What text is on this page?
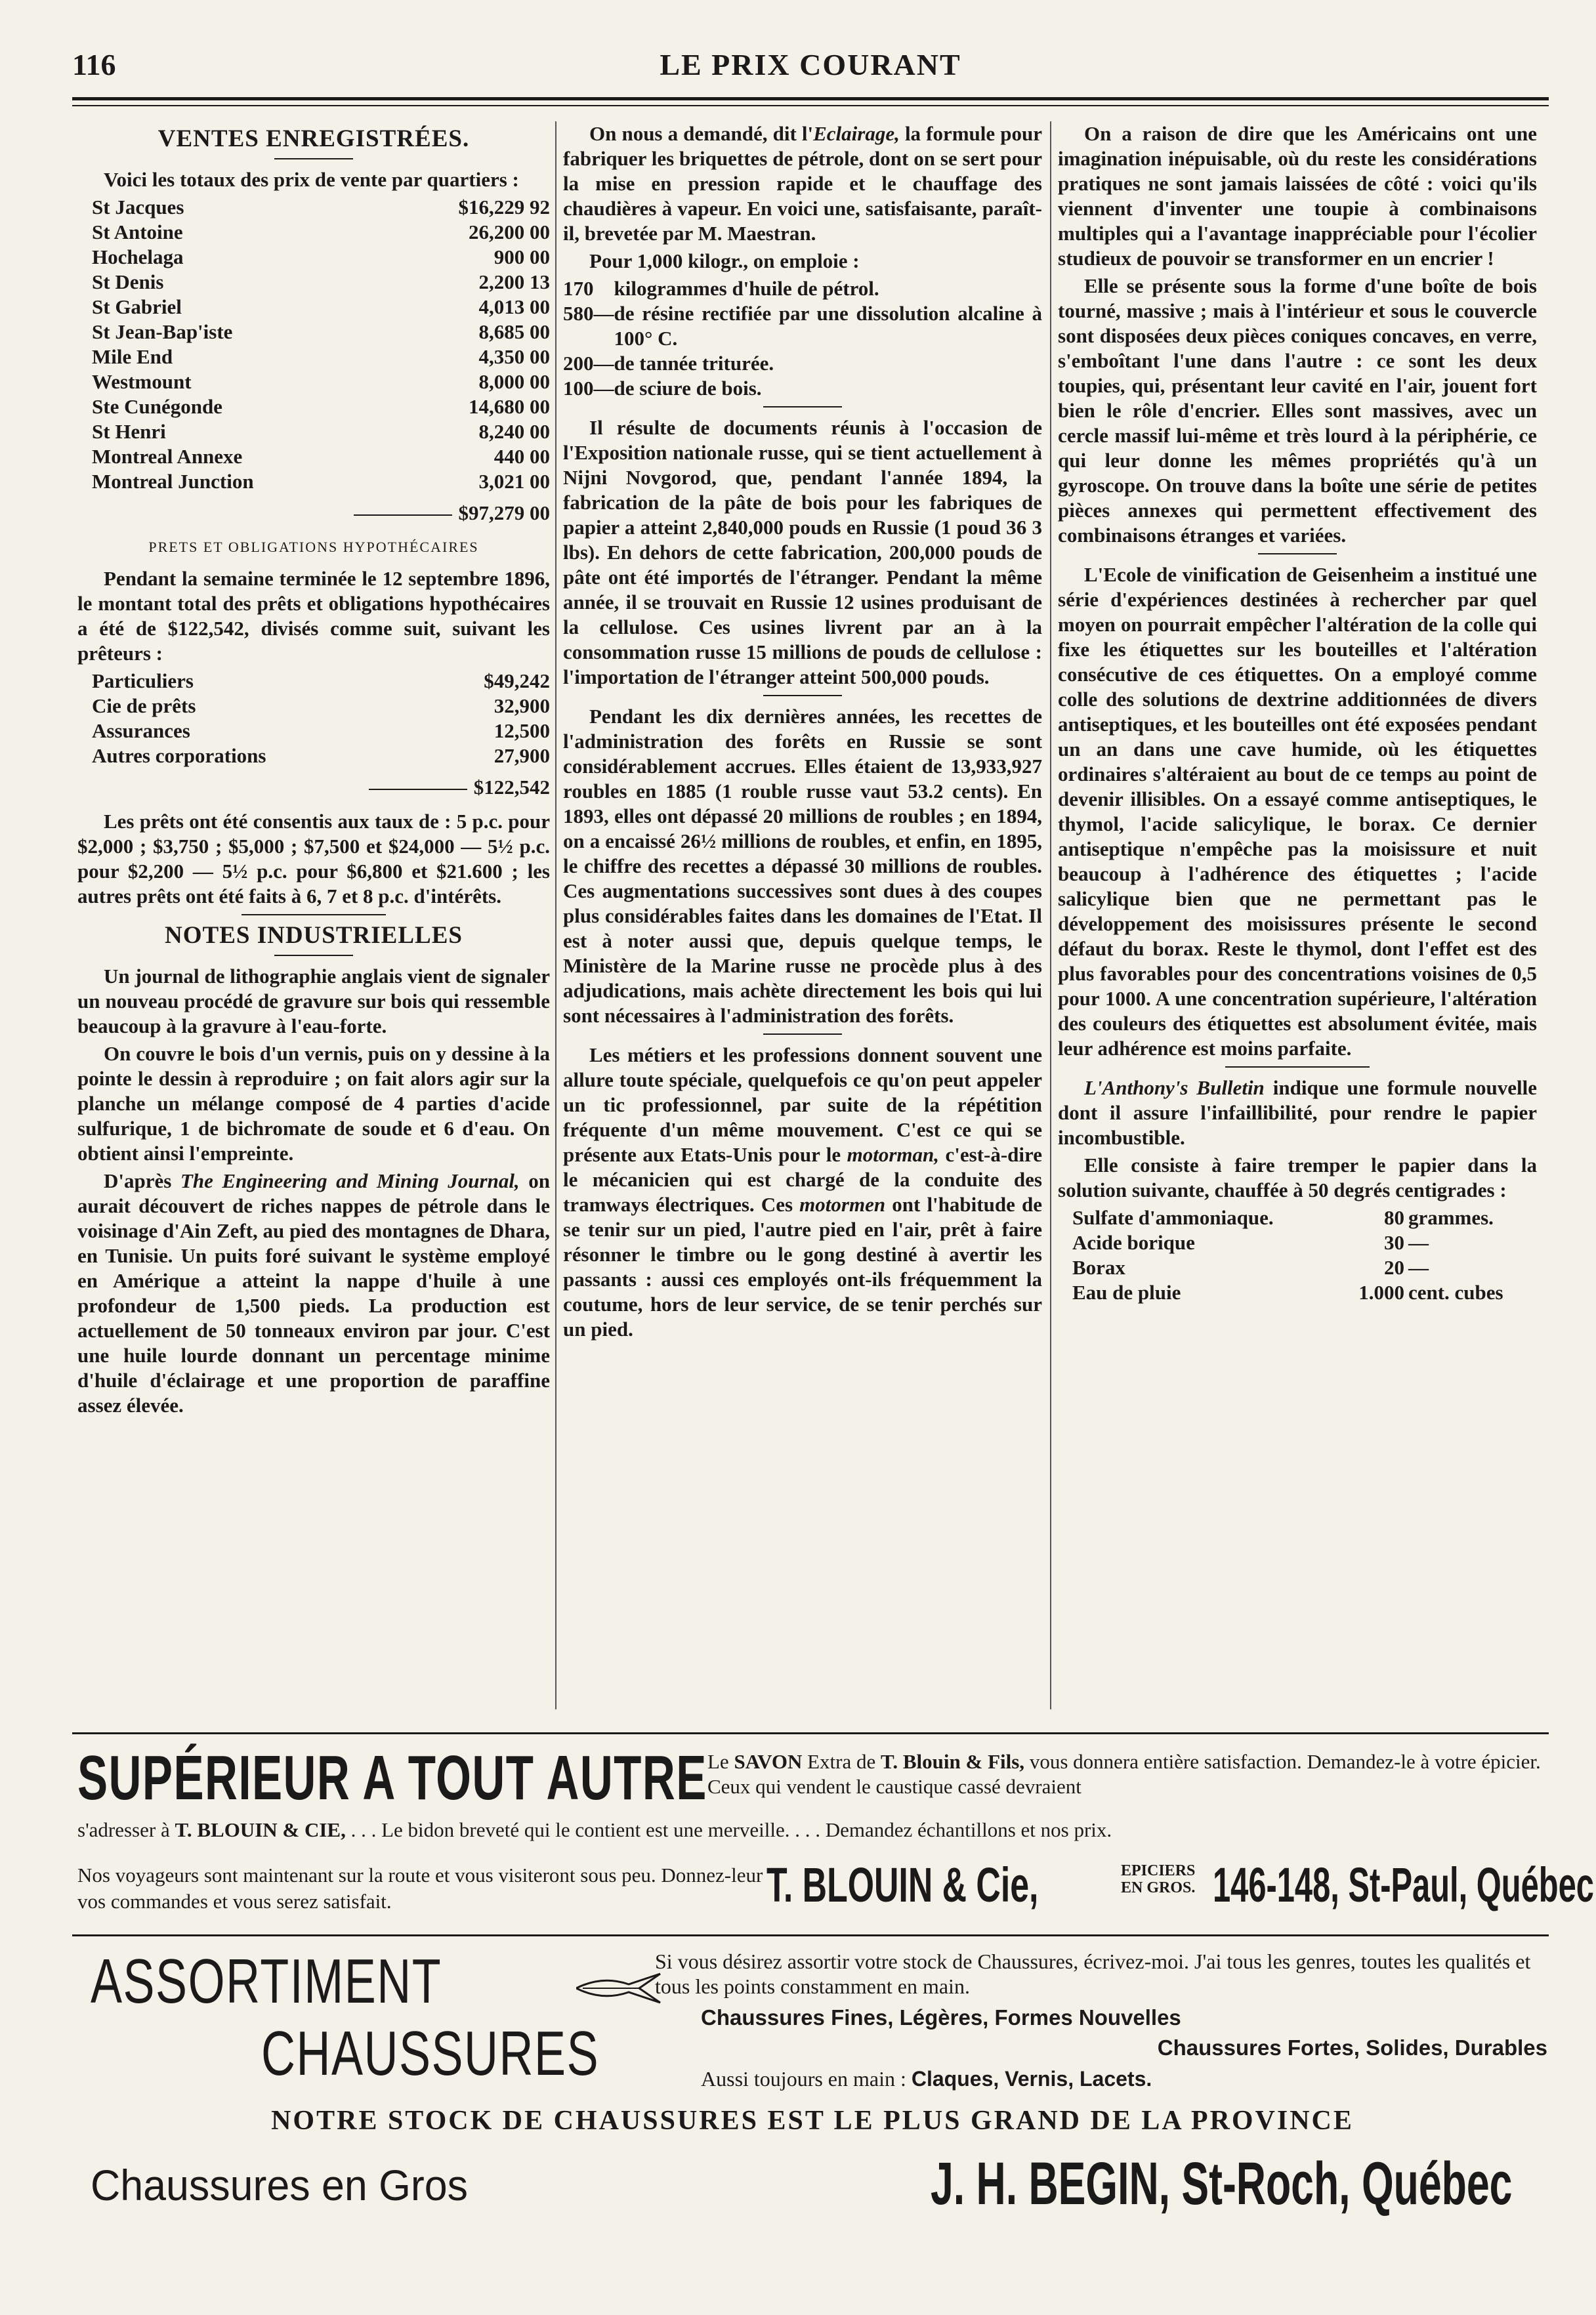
116	LE PRIX COURANT
VENTES ENREGISTRÉES.

Voici les totaux des prix de vente par quartiers :

St Jacques	$16,229 92
St Antoine	26,200 00
Hochelaga	900 00
St Denis	2,200 13
St Gabriel	4,013 00
St Jean-Bap'iste	8,685 00
Mile End	4,350 00
Westmount	8,000 00
Ste Cunégonde	14,680 00
St Henri	8,240 00
Montreal Annexe	440 00
Montreal Junction	3,021 00
$97,279 00
PRETS ET OBLIGATIONS HYPOTHÉCAIRES

Pendant la semaine terminée le 12 septembre 1896, le montant total des prêts et obligations hypothécaires a été de $122,542, divisés comme suit, suivant les prêteurs :

Particuliers	$49,242
Cie de prêts	32,900
Assurances	12,500
Autres corporations	27,900
$122,542

Les prêts ont été consentis aux taux de : 5 p.c. pour $2,000 ; $3,750 ; $5,000 ; $7,500 et $24,000 — 5½ p.c. pour $2,200 — 5½ p.c. pour $6,800 et $21.600 ; les autres prêts ont été faits à 6, 7 et 8 p.c. d'intérêts.

NOTES INDUSTRIELLES

Un journal de lithographie anglais vient de signaler un nouveau procédé de gravure sur bois qui ressemble beaucoup à la gravure à l'eau-forte.

On couvre le bois d'un vernis, puis on y dessine à la pointe le dessin à reproduire ; on fait alors agir sur la planche un mélange composé de 4 parties d'acide sulfurique, 1 de bichromate de soude et 6 d'eau. On obtient ainsi l'empreinte.

D'après The Engineering and Mining Journal, on aurait découvert de riches nappes de pétrole dans le voisinage d'Ain Zeft, au pied des montagnes de Dhara, en Tunisie. Un puits foré suivant le système employé en Amérique a atteint la nappe d'huile à une profondeur de 1,500 pieds. La production est actuellement de 50 tonneaux environ par jour. C'est une huile lourde donnant un percentage minime d'huile d'éclairage et une proportion de paraffine assez élevée.

On nous a demandé, dit l'Eclairage, la formule pour fabriquer les briquettes de pétrole, dont on se sert pour la mise en pression rapide et le chauffage des chaudières à vapeur. En voici une, satisfaisante, paraît-il, brevetée par M. Maestran.

Pour 1,000 kilogr., on emploie :

170		kilogrammes d'huile de pétrol.
580	—	de résine rectifiée par une dissolution alcaline à 100° C.
200	—	de tannée triturée.
100	—	de sciure de bois.

Il résulte de documents réunis à l'occasion de l'Exposition nationale russe, qui se tient actuellement à Nijni Novgorod, que, pendant l'année 1894, la fabrication de la pâte de bois pour les fabriques de papier a atteint 2,840,000 pouds en Russie (1 poud 36 3 lbs). En dehors de cette fabrication, 200,000 pouds de pâte ont été importés de l'étranger. Pendant la même année, il se trouvait en Russie 12 usines produisant de la cellulose. Ces usines livrent par an à la consommation russe 15 millions de pouds de cellulose : l'importation de l'étranger atteint 500,000 pouds.

Pendant les dix dernières années, les recettes de l'administration des forêts en Russie se sont considérablement accrues. Elles étaient de 13,933,927 roubles en 1885 (1 rouble russe vaut 53.2 cents). En 1893, elles ont dépassé 20 millions de roubles ; en 1894, on a encaissé 26½ millions de roubles, et enfin, en 1895, le chiffre des recettes a dépassé 30 millions de roubles. Ces augmentations successives sont dues à des coupes plus considérables faites dans les domaines de l'Etat. Il est à noter aussi que, depuis quelque temps, le Ministère de la Marine russe ne procède plus à des adjudications, mais achète directement les bois qui lui sont nécessaires à l'administration des forêts.

Les métiers et les professions donnent souvent une allure toute spéciale, quelquefois ce qu'on peut appeler un tic professionnel, par suite de la répétition fréquente d'un même mouvement. C'est ce qui se présente aux Etats-Unis pour le motorman, c'est-à-dire le mécanicien qui est chargé de la conduite des tramways électriques. Ces motormen ont l'habitude de se tenir sur un pied, l'autre pied en l'air, prêt à faire résonner le timbre ou le gong destiné à avertir les passants : aussi ces employés ont-ils fréquemment la coutume, hors de leur service, de se tenir perchés sur un pied.

On a raison de dire que les Américains ont une imagination inépuisable, où du reste les considérations pratiques ne sont jamais laissées de côté : voici qu'ils viennent d'inventer une toupie à combinaisons multiples qui a l'avantage inappréciable pour l'écolier studieux de pouvoir se transformer en un encrier !

Elle se présente sous la forme d'une boîte de bois tourné, massive ; mais à l'intérieur et sous le couvercle sont disposées deux pièces coniques concaves, en verre, s'emboîtant l'une dans l'autre : ce sont les deux toupies, qui, présentant leur cavité en l'air, jouent fort bien le rôle d'encrier. Elles sont massives, avec un cercle massif lui-même et très lourd à la périphérie, ce qui leur donne les mêmes propriétés qu'à un gyroscope. On trouve dans la boîte une série de petites pièces annexes qui permettent effectivement des combinaisons étranges et variées.

L'Ecole de vinification de Geisenheim a institué une série d'expériences destinées à rechercher par quel moyen on pourrait empêcher l'altération de la colle qui fixe les étiquettes sur les bouteilles et l'altération consécutive de ces étiquettes. On a employé comme colle des solutions de dextrine additionnées de divers antiseptiques, et les bouteilles ont été exposées pendant un an dans une cave humide, où les étiquettes ordinaires s'altéraient au bout de ce temps au point de devenir illisibles. On a essayé comme antiseptiques, le thymol, l'acide salicylique, le borax. Ce dernier antiseptique n'empêche pas la moisissure et nuit beaucoup à l'adhérence des étiquettes ; l'acide salicylique bien que ne permettant pas le développement des moisissures présente le second défaut du borax. Reste le thymol, dont l'effet est des plus favorables pour des concentrations voisines de 0,5 pour 1000. A une concentration supérieure, l'altération des couleurs des étiquettes est absolument évitée, mais leur adhérence est moins parfaite.

L'Anthony's Bulletin indique une formule nouvelle dont il assure l'infaillibilité, pour rendre le papier incombustible.

Elle consiste à faire tremper le papier dans la solution suivante, chauffée à 50 degrés centigrades :

Sulfate d'ammoniaque.	80	grammes.
Acide borique	30	—
Borax	20	—
Eau de pluie	1.000	cent. cubes
SUPÉRIEUR A TOUT AUTRE Le SAVON Extra de T. Blouin & Fils, vous donnera entière satisfaction. Demandez-le à votre épicier. Ceux qui vendent le caustique cassé devraient
s'adresser à T. BLOUIN & CIE, . . . Le bidon breveté qui le contient est une merveille. . . . Demandez échantillons et nos prix.
Nos voyageurs sont maintenant sur la route et vous visiteront sous peu. Donnez-leur vos commandes et vous serez satisfait.	T. BLOUIN & Cie,	EPICIERS
EN GROS. 146-148, St-Paul, Québec
ASSORTIMENT
CHAUSSURES
Si vous désirez assortir votre stock de Chaussures, écrivez-moi. J'ai tous les genres, toutes les qualités et tous les points constamment en main.
Chaussures Fines, Légères, Formes Nouvelles
Chaussures Fortes, Solides, Durables
Aussi toujours en main : Claques, Vernis, Lacets.
NOTRE STOCK DE CHAUSSURES EST LE PLUS GRAND DE LA PROVINCE
Chaussures en Gros	J. H. BEGIN, St-Roch, Québec
